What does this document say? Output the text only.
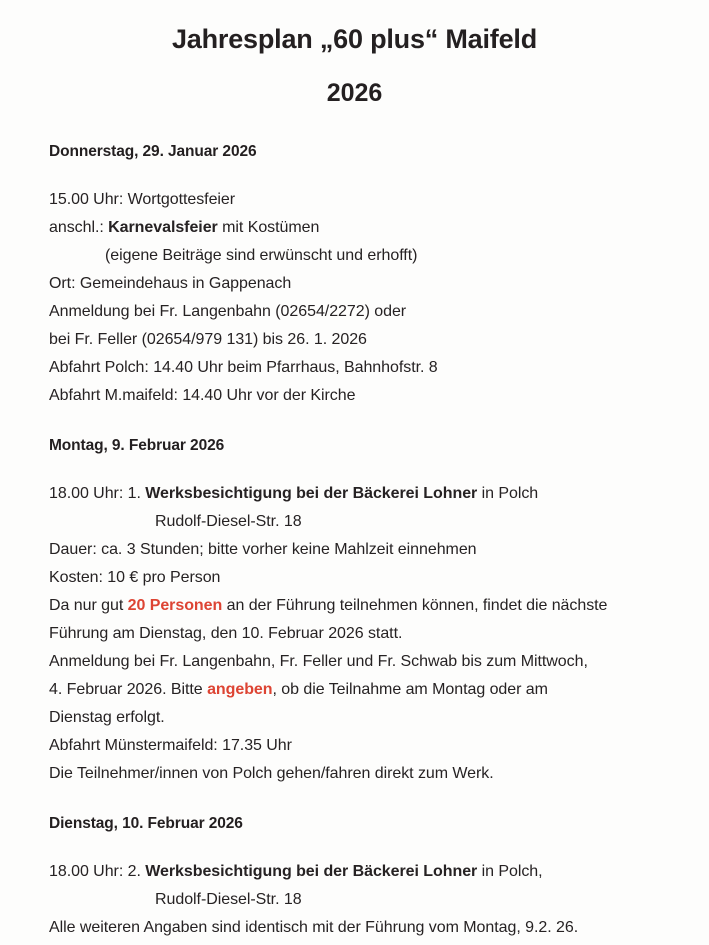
Jahresplan „60 plus“ Maifeld
2026
Donnerstag, 29. Januar 2026
15.00 Uhr: Wortgottesfeier
anschl.: Karnevalsfeier mit Kostümen
(eigene Beiträge sind erwünscht und erhofft)
Ort: Gemeindehaus in Gappenach
Anmeldung bei Fr. Langenbahn (02654/2272) oder
bei Fr. Feller (02654/979 131) bis 26. 1. 2026
Abfahrt Polch: 14.40 Uhr beim Pfarrhaus, Bahnhofstr. 8
Abfahrt M.maifeld: 14.40 Uhr vor der Kirche
Montag, 9. Februar 2026
18.00 Uhr: 1. Werksbesichtigung bei der Bäckerei Lohner in Polch
Rudolf-Diesel-Str. 18
Dauer: ca. 3 Stunden; bitte vorher keine Mahlzeit einnehmen
Kosten: 10 € pro Person
Da nur gut 20 Personen an der Führung teilnehmen können, findet die nächste
Führung am Dienstag, den 10. Februar 2026 statt.
Anmeldung bei Fr. Langenbahn, Fr. Feller und Fr. Schwab bis zum Mittwoch,
4. Februar 2026. Bitte angeben, ob die Teilnahme am Montag oder am
Dienstag erfolgt.
Abfahrt Münstermaifeld: 17.35 Uhr
Die Teilnehmer/innen von Polch gehen/fahren direkt zum Werk.
Dienstag, 10. Februar 2026
18.00 Uhr: 2. Werksbesichtigung bei der Bäckerei Lohner in Polch,
Rudolf-Diesel-Str. 18
Alle weiteren Angaben sind identisch mit der Führung vom Montag, 9.2. 26.
